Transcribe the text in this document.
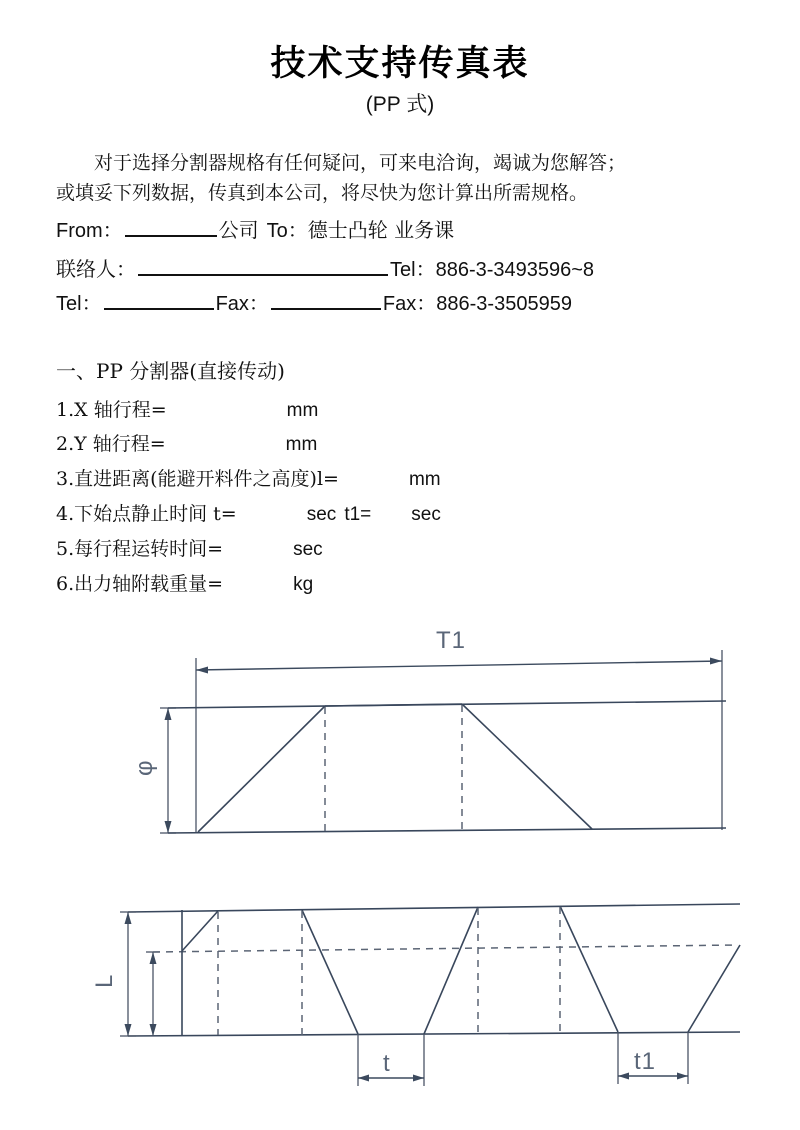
技术支持传真表
(PP 式)
对于选择分割器规格有任何疑问，可来电洽询，竭诚为您解答；
或填妥下列数据，传真到本公司，将尽快为您计算出所需规格。
From：	公司 To：德士凸轮 业务课
联络人：	Tel：886-3-3493596~8
Tel：	Fax：	Fax：886-3-3505959
一、PP 分割器(直接传动)
1.X 轴行程=	mm
2.Y 轴行程=	mm
3.直进距离(能避开料件之高度)l=	mm
4.下始点静止时间 t=	sec t1= sec
5.每行程运转时间=	sec
6.出力轴附载重量=	kg
T1
φ
L
t	t1
